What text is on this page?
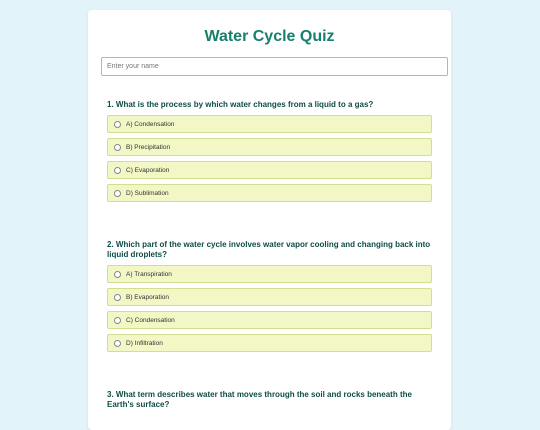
Water Cycle Quiz
Enter your name
1. What is the process by which water changes from a liquid to a gas?
A) Condensation
B) Precipitation
C) Evaporation
D) Sublimation
2. Which part of the water cycle involves water vapor cooling and changing back into liquid droplets?
A) Transpiration
B) Evaporation
C) Condensation
D) Infiltration
3. What term describes water that moves through the soil and rocks beneath the Earth's surface?
